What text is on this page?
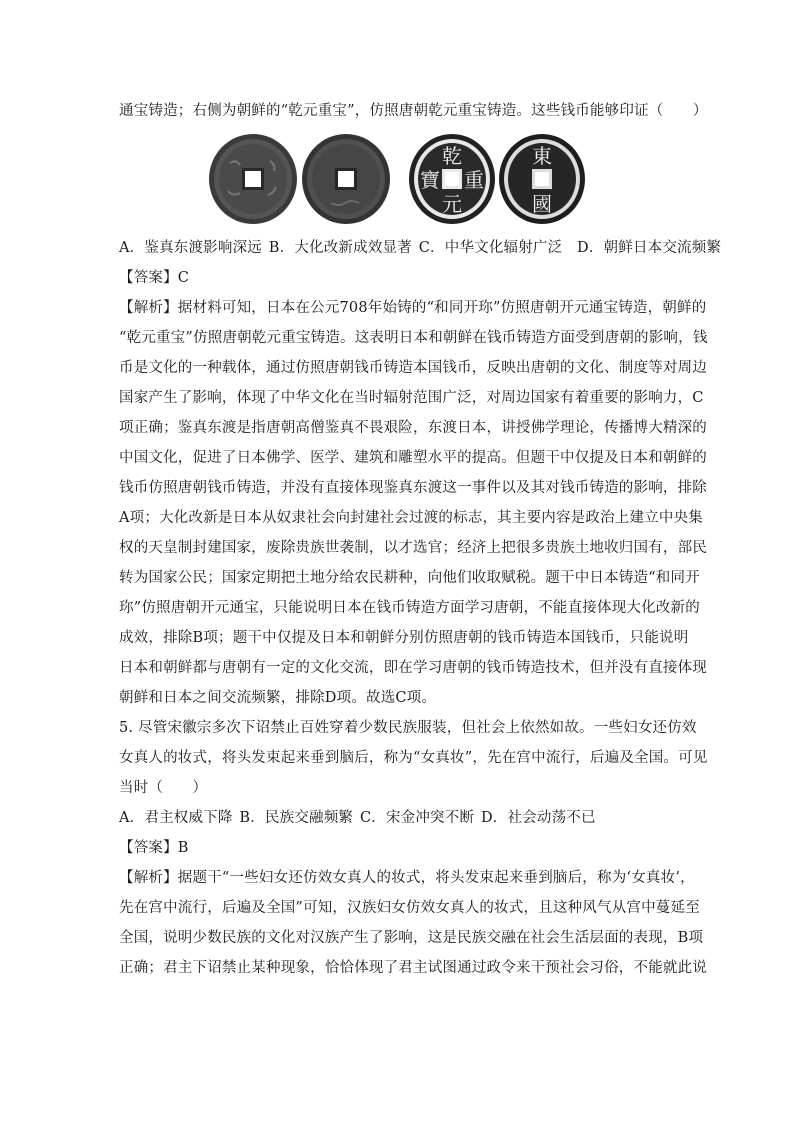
通宝铸造；右侧为朝鲜的“乾元重宝”，仿照唐朝乾元重宝铸造。这些钱币能够印证（　　）
乾
重
元
寶
東
國
A．鉴真东渡影响深远 B．大化改新成效显著 C．中华文化辐射广泛　D．朝鲜日本交流频繁
【答案】C
【解析】据材料可知，日本在公元708年始铸的“和同开珎”仿照唐朝开元通宝铸造，朝鲜的
“乾元重宝”仿照唐朝乾元重宝铸造。这表明日本和朝鲜在钱币铸造方面受到唐朝的影响，钱
币是文化的一种载体，通过仿照唐朝钱币铸造本国钱币，反映出唐朝的文化、制度等对周边
国家产生了影响，体现了中华文化在当时辐射范围广泛，对周边国家有着重要的影响力，C
项正确；鉴真东渡是指唐朝高僧鉴真不畏艰险，东渡日本，讲授佛学理论，传播博大精深的
中国文化，促进了日本佛学、医学、建筑和雕塑水平的提高。但题干中仅提及日本和朝鲜的
钱币仿照唐朝钱币铸造，并没有直接体现鉴真东渡这一事件以及其对钱币铸造的影响，排除
A项；大化改新是日本从奴隶社会向封建社会过渡的标志，其主要内容是政治上建立中央集
权的天皇制封建国家，废除贵族世袭制，以才选官；经济上把很多贵族土地收归国有，部民
转为国家公民；国家定期把土地分给农民耕种，向他们收取赋税。题干中日本铸造“和同开
珎”仿照唐朝开元通宝，只能说明日本在钱币铸造方面学习唐朝，不能直接体现大化改新的
成效，排除B项；题干中仅提及日本和朝鲜分别仿照唐朝的钱币铸造本国钱币，只能说明
日本和朝鲜都与唐朝有一定的文化交流，即在学习唐朝的钱币铸造技术，但并没有直接体现
朝鲜和日本之间交流频繁，排除D项。故选C项。
5. 尽管宋徽宗多次下诏禁止百姓穿着少数民族服装，但社会上依然如故。一些妇女还仿效
女真人的妆式，将头发束起来垂到脑后，称为“女真妆”，先在宫中流行，后遍及全国。可见
当时（　　）
A．君主权威下降 B．民族交融频繁 C．宋金冲突不断 D．社会动荡不已
【答案】B
【解析】据题干“一些妇女还仿效女真人的妆式，将头发束起来垂到脑后，称为‘女真妆’，
先在宫中流行，后遍及全国”可知，汉族妇女仿效女真人的妆式，且这种风气从宫中蔓延至
全国，说明少数民族的文化对汉族产生了影响，这是民族交融在社会生活层面的表现，B项
正确；君主下诏禁止某种现象，恰恰体现了君主试图通过政令来干预社会习俗，不能就此说
